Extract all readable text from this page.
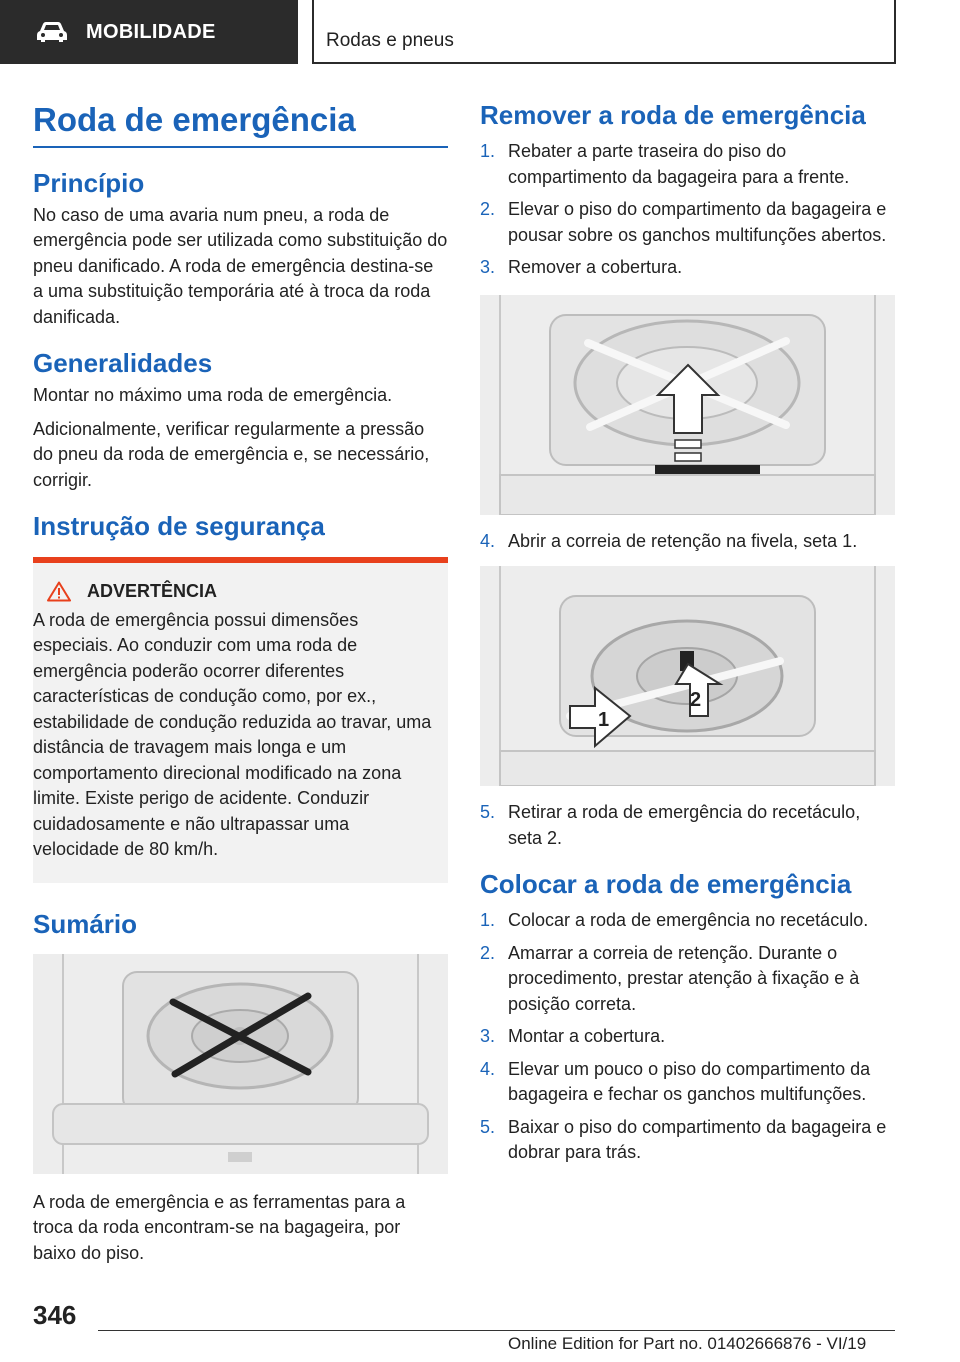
MOBILIDADE	Rodas e pneus
Roda de emergência
Princípio
No caso de uma avaria num pneu, a roda de emergência pode ser utilizada como substituição do pneu danificado. A roda de emergência destina-se a uma substituição temporária até à troca da roda danificada.
Generalidades
Montar no máximo uma roda de emergência.
Adicionalmente, verificar regularmente a pressão do pneu da roda de emergência e, se necessário, corrigir.
Instrução de segurança
ADVERTÊNCIA
A roda de emergência possui dimensões especiais. Ao conduzir com uma roda de emergência poderão ocorrer diferentes características de condução como, por ex., estabilidade de condução reduzida ao travar, uma distância de travagem mais longa e um comportamento direcional modificado na zona limite. Existe perigo de acidente. Conduzir cuidadosamente e não ultrapassar uma velocidade de 80 km/h.
Sumário
A roda de emergência e as ferramentas para a troca da roda encontram-se na bagageira, por baixo do piso.
Remover a roda de emergência
1. Rebater a parte traseira do piso do compartimento da bagageira para a frente.
2. Elevar o piso do compartimento da bagageira e pousar sobre os ganchos multifunções abertos.
3. Remover a cobertura.
4. Abrir a correia de retenção na fivela, seta 1.
1
2
5. Retirar a roda de emergência do recetáculo, seta 2.
Colocar a roda de emergência
1. Colocar a roda de emergência no recetáculo.
2. Amarrar a correia de retenção. Durante o procedimento, prestar atenção à fixação e à posição correta.
3. Montar a cobertura.
4. Elevar um pouco o piso do compartimento da bagageira e fechar os ganchos multifunções.
5. Baixar o piso do compartimento da bagageira e dobrar para trás.
346
Online Edition for Part no. 01402666876 - VI/19
